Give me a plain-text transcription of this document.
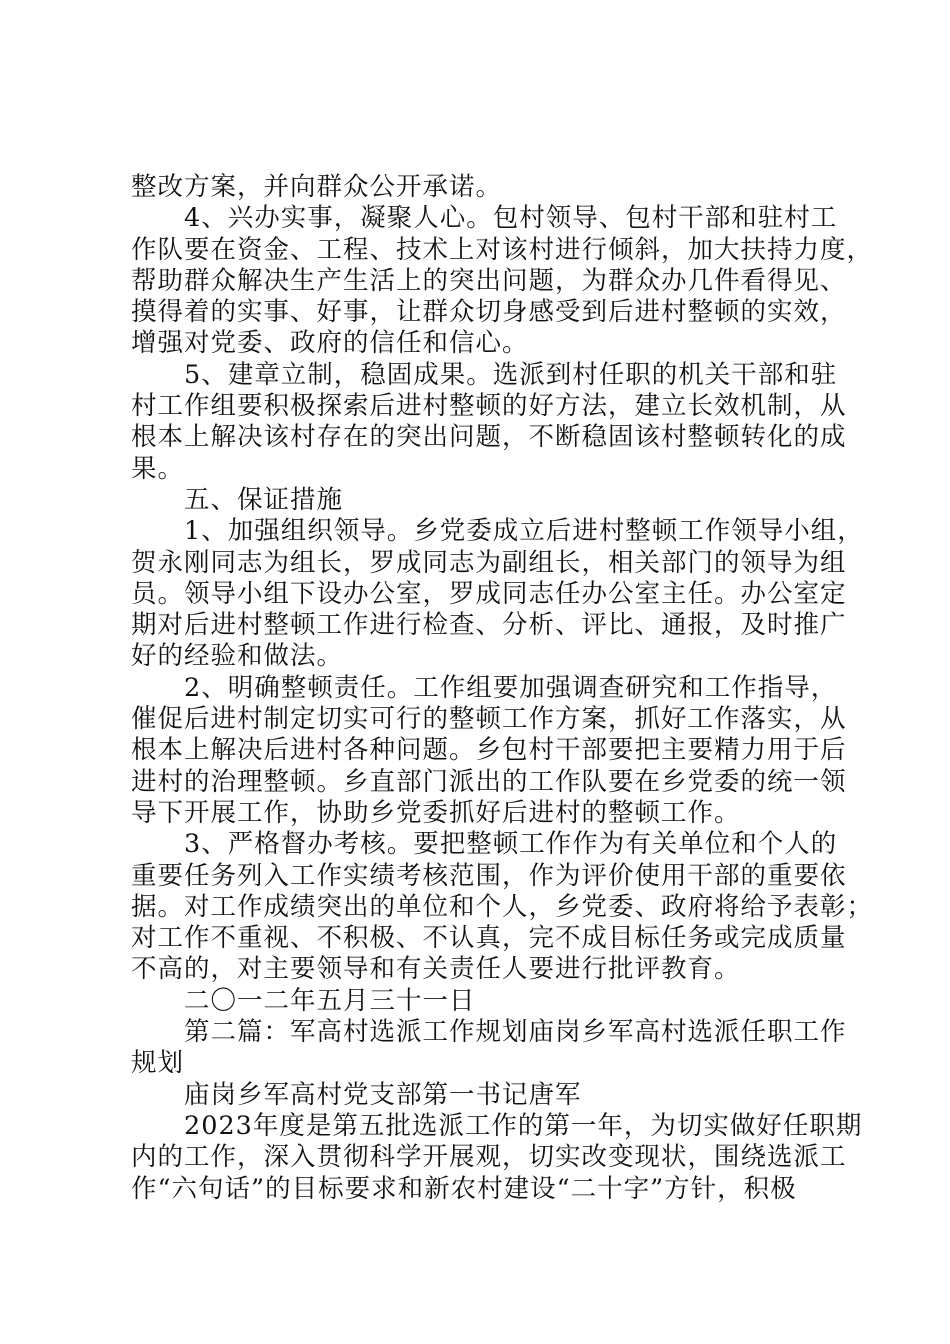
整改方案，并向群众公开承诺。
4、兴办实事，凝聚人心。包村领导、包村干部和驻村工
作队要在资金、工程、技术上对该村进行倾斜，加大扶持力度，
帮助群众解决生产生活上的突出问题，为群众办几件看得见、
摸得着的实事、好事，让群众切身感受到后进村整顿的实效，
增强对党委、政府的信任和信心。
5、建章立制，稳固成果。选派到村任职的机关干部和驻
村工作组要积极探索后进村整顿的好方法，建立长效机制，从
根本上解决该村存在的突出问题，不断稳固该村整顿转化的成
果。
五、保证措施
1、加强组织领导。乡党委成立后进村整顿工作领导小组，
贺永刚同志为组长，罗成同志为副组长，相关部门的领导为组
员。领导小组下设办公室，罗成同志任办公室主任。办公室定
期对后进村整顿工作进行检查、分析、评比、通报，及时推广
好的经验和做法。
2、明确整顿责任。工作组要加强调查研究和工作指导，
催促后进村制定切实可行的整顿工作方案，抓好工作落实，从
根本上解决后进村各种问题。乡包村干部要把主要精力用于后
进村的治理整顿。乡直部门派出的工作队要在乡党委的统一领
导下开展工作，协助乡党委抓好后进村的整顿工作。
3、严格督办考核。要把整顿工作作为有关单位和个人的
重要任务列入工作实绩考核范围，作为评价使用干部的重要依
据。对工作成绩突出的单位和个人，乡党委、政府将给予表彰；
对工作不重视、不积极、不认真，完不成目标任务或完成质量
不高的，对主要领导和有关责任人要进行批评教育。
二〇一二年五月三十一日
第二篇：军高村选派工作规划庙岗乡军高村选派任职工作
规划
庙岗乡军高村党支部第一书记唐军
2023年度是第五批选派工作的第一年，为切实做好任职期
内的工作，深入贯彻科学开展观，切实改变现状，围绕选派工
作“六句话”的目标要求和新农村建设“二十字”方针，积极
